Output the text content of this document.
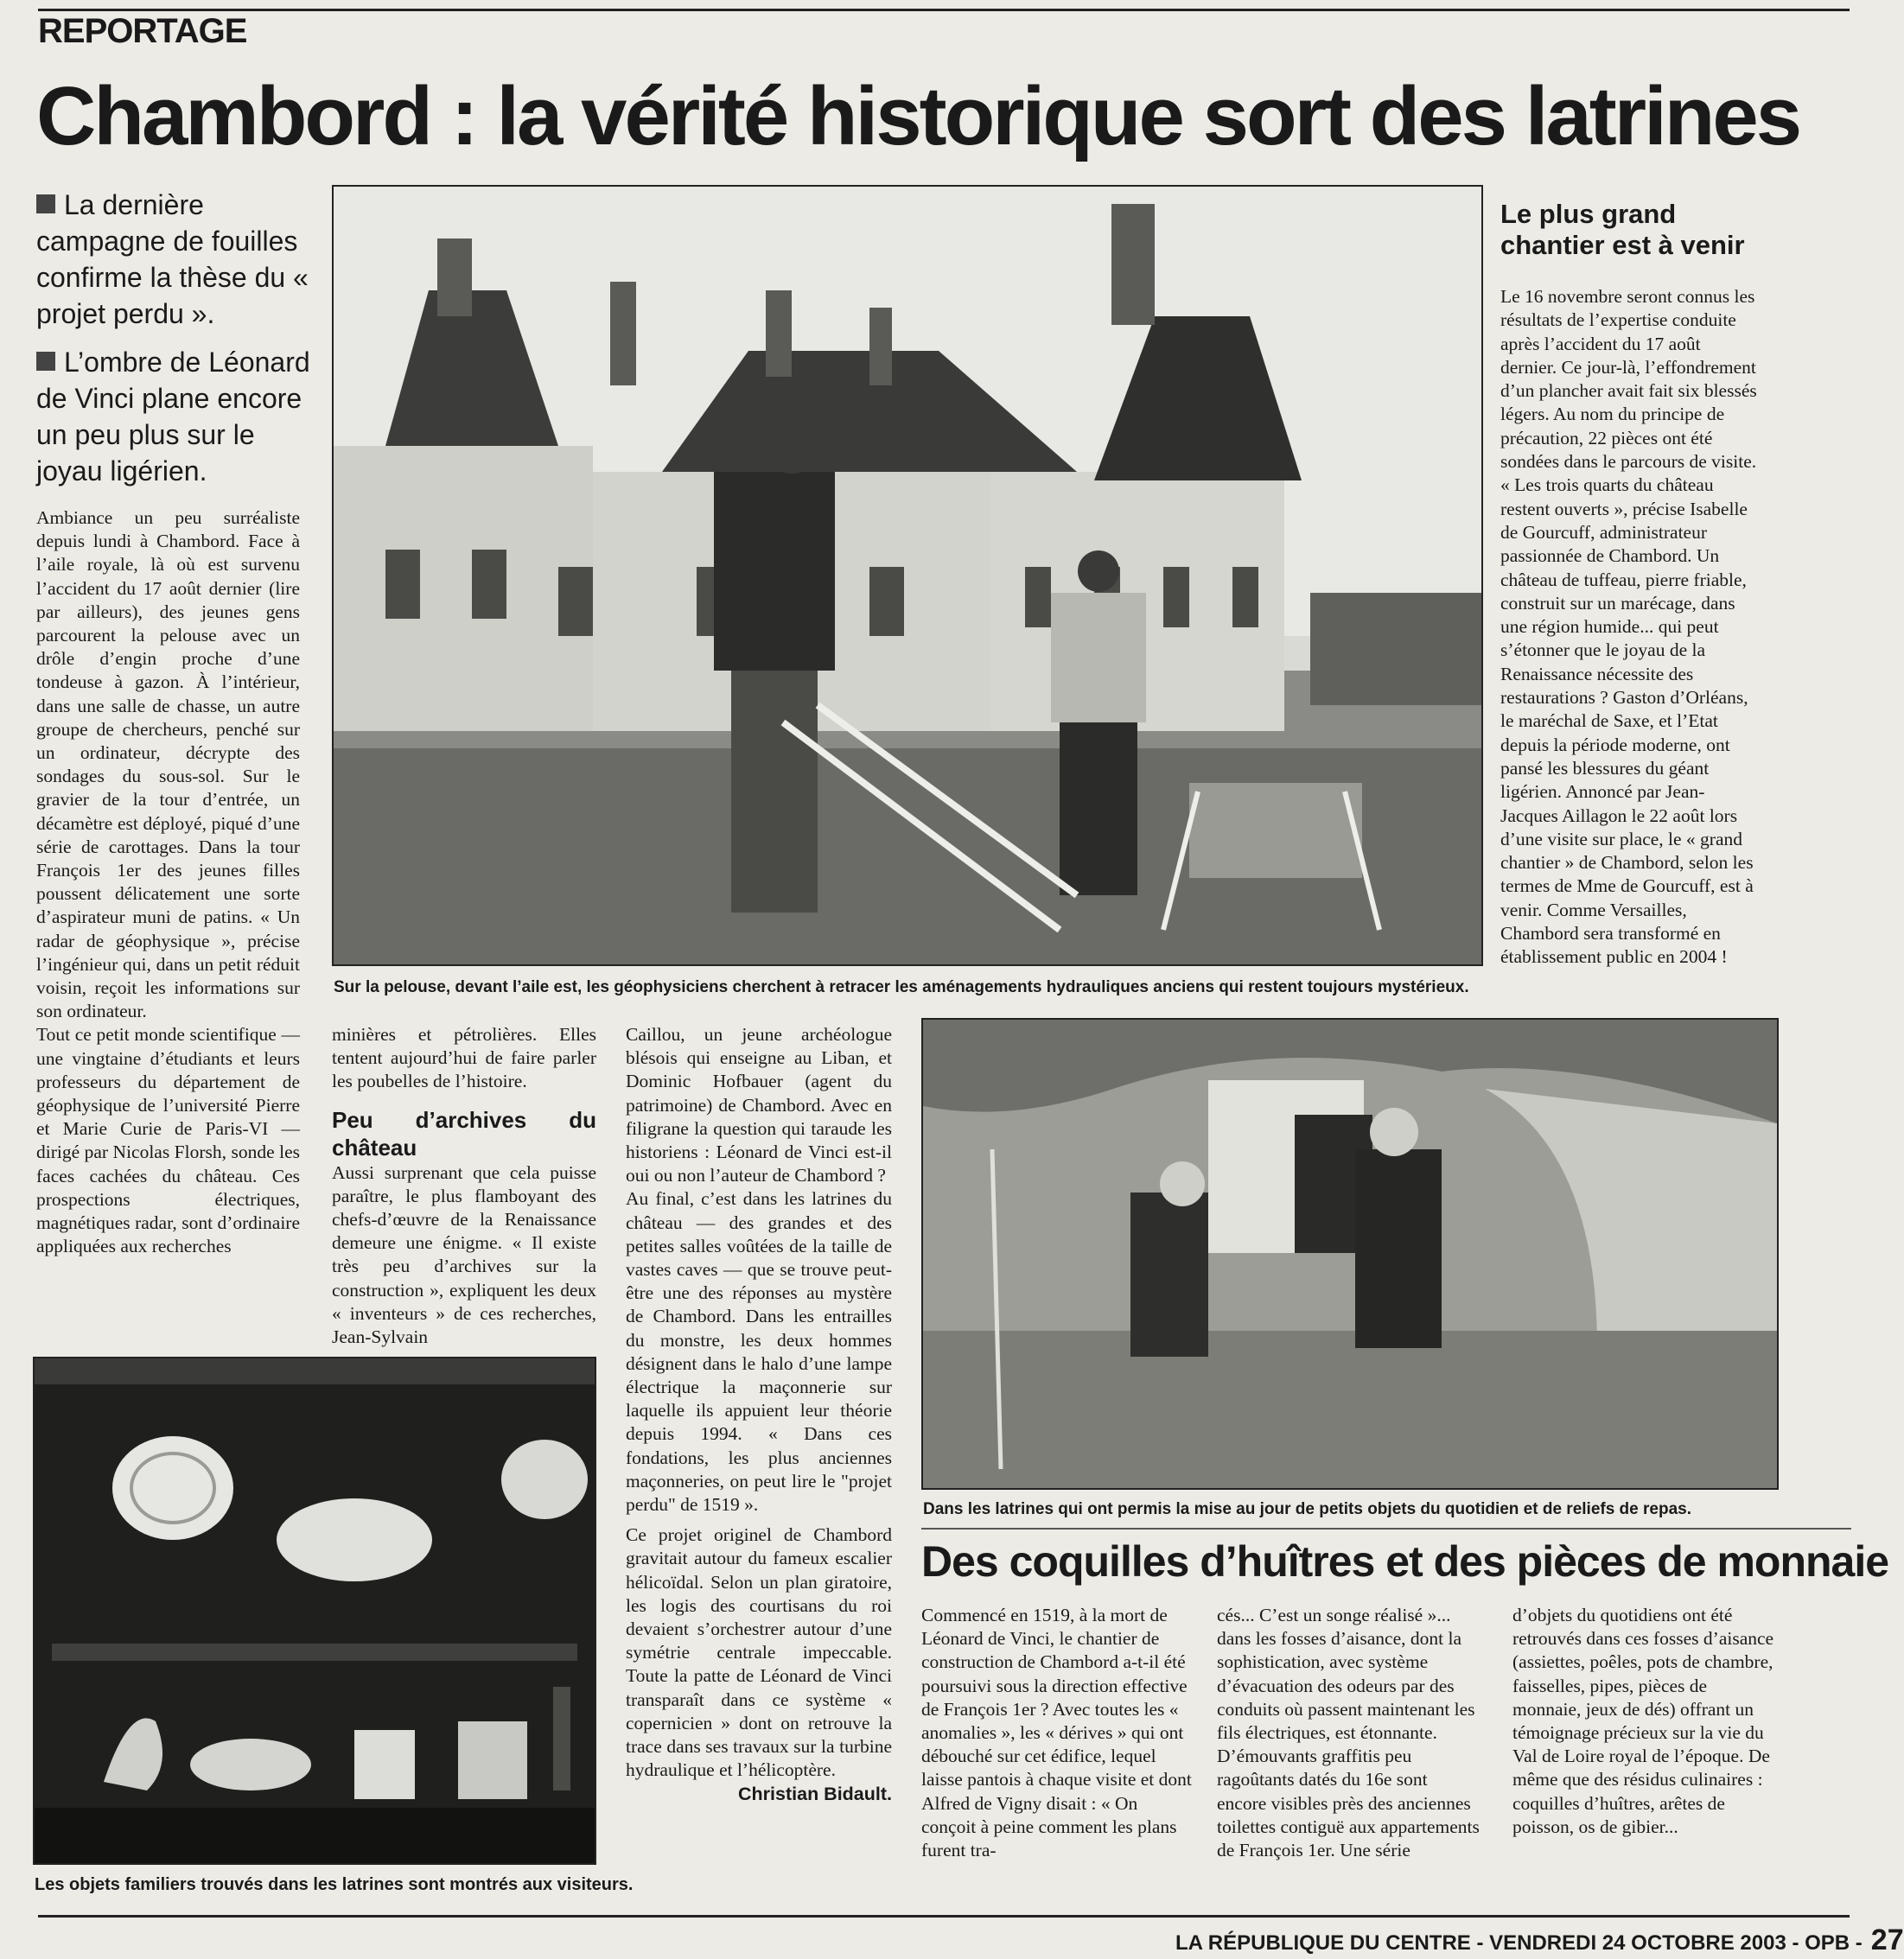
REPORTAGE
Chambord : la vérité historique sort des latrines

La dernière campagne de fouilles confirme la thèse du « projet perdu ».

L’ombre de Léonard de Vinci plane encore un peu plus sur le joyau ligérien.

Ambiance un peu surréaliste depuis lundi à Chambord. Face à l’aile royale, là où est survenu l’accident du 17 août dernier (lire par ailleurs), des jeunes gens parcourent la pelouse avec un drôle d’engin proche d’une tondeuse à gazon. À l’intérieur, dans une salle de chasse, un autre groupe de chercheurs, penché sur un ordinateur, décrypte des sondages du sous-sol. Sur le gravier de la tour d’entrée, un décamètre est déployé, piqué d’une série de carottages. Dans la tour François 1er des jeunes filles poussent délicatement une sorte d’aspirateur muni de patins. « Un radar de géophysique », précise l’ingénieur qui, dans un petit réduit voisin, reçoit les informations sur son ordinateur.

Tout ce petit monde scientifique — une vingtaine d’étudiants et leurs professeurs du département de géophysique de l’université Pierre et Marie Curie de Paris-VI — dirigé par Nicolas Florsh, sonde les faces cachées du château. Ces prospections électriques, magnétiques radar, sont d’ordinaire appliquées aux recherches

Sur la pelouse, devant l’aile est, les géophysiciens cherchent à retracer les aménagements hydrauliques anciens qui restent toujours mystérieux.
Le plus grand chantier est à venir

Le 16 novembre seront connus les résultats de l’expertise conduite après l’accident du 17 août dernier. Ce jour-là, l’effondrement d’un plancher avait fait six blessés légers. Au nom du principe de précaution, 22 pièces ont été sondées dans le parcours de visite. « Les trois quarts du château restent ouverts », précise Isabelle de Gourcuff, administrateur passionnée de Chambord. Un château de tuffeau, pierre friable, construit sur un marécage, dans une région humide... qui peut s’étonner que le joyau de la Renaissance nécessite des restaurations ? Gaston d’Orléans, le maréchal de Saxe, et l’Etat depuis la période moderne, ont pansé les blessures du géant ligérien. Annoncé par Jean-Jacques Aillagon le 22 août lors d’une visite sur place, le « grand chantier » de Chambord, selon les termes de Mme de Gourcuff, est à venir. Comme Versailles, Chambord sera transformé en établissement public en 2004 !

minières et pétrolières. Elles tentent aujourd’hui de faire parler les poubelles de l’histoire.

Peu d’archives du château

Aussi surprenant que cela puisse paraître, le plus flamboyant des chefs-d’œuvre de la Renaissance demeure une énigme. « Il existe très peu d’archives sur la construction », expliquent les deux « inventeurs » de ces recherches, Jean-Sylvain

Caillou, un jeune archéologue blésois qui enseigne au Liban, et Dominic Hofbauer (agent du patrimoine) de Chambord. Avec en filigrane la question qui taraude les historiens : Léonard de Vinci est-il oui ou non l’auteur de Chambord ?

Au final, c’est dans les latrines du château — des grandes et des petites salles voûtées de la taille de vastes caves — que se trouve peut-être une des réponses au mystère de Chambord. Dans les entrailles du monstre, les deux hommes désignent dans le halo d’une lampe électrique la maçonnerie sur laquelle ils appuient leur théorie depuis 1994. « Dans ces fondations, les plus anciennes maçonneries, on peut lire le "projet perdu" de 1519 ».

Ce projet originel de Chambord gravitait autour du fameux escalier hélicoïdal. Selon un plan giratoire, les logis des courtisans du roi devaient s’orchestrer autour d’une symétrie centrale impeccable. Toute la patte de Léonard de Vinci transparaît dans ce système « copernicien » dont on retrouve la trace dans ses travaux sur la turbine hydraulique et l’hélicoptère.

Christian Bidault.

Dans les latrines qui ont permis la mise au jour de petits objets du quotidien et de reliefs de repas.
Les objets familiers trouvés dans les latrines sont montrés aux visiteurs.
Des coquilles d’huîtres et des pièces de monnaie

Commencé en 1519, à la mort de Léonard de Vinci, le chantier de construction de Chambord a-t-il été poursuivi sous la direction effective de François 1er ? Avec toutes les « anomalies », les « dérives » qui ont débouché sur cet édifice, lequel laisse pantois à chaque visite et dont Alfred de Vigny disait : « On conçoit à peine comment les plans furent tra-

cés... C’est un songe réalisé »... dans les fosses d’aisance, dont la sophistication, avec système d’évacuation des odeurs par des conduits où passent maintenant les fils électriques, est étonnante. D’émouvants graffitis peu ragoûtants datés du 16e sont encore visibles près des anciennes toilettes contiguë aux appartements de François 1er. Une série

d’objets du quotidiens ont été retrouvés dans ces fosses d’aisance (assiettes, poêles, pots de chambre, faisselles, pipes, pièces de monnaie, jeux de dés) offrant un témoignage précieux sur la vie du Val de Loire royal de l’époque. De même que des résidus culinaires : coquilles d’huîtres, arêtes de poisson, os de gibier...

LA RÉPUBLIQUE DU CENTRE - VENDREDI 24 OCTOBRE 2003 - OPB - 27
